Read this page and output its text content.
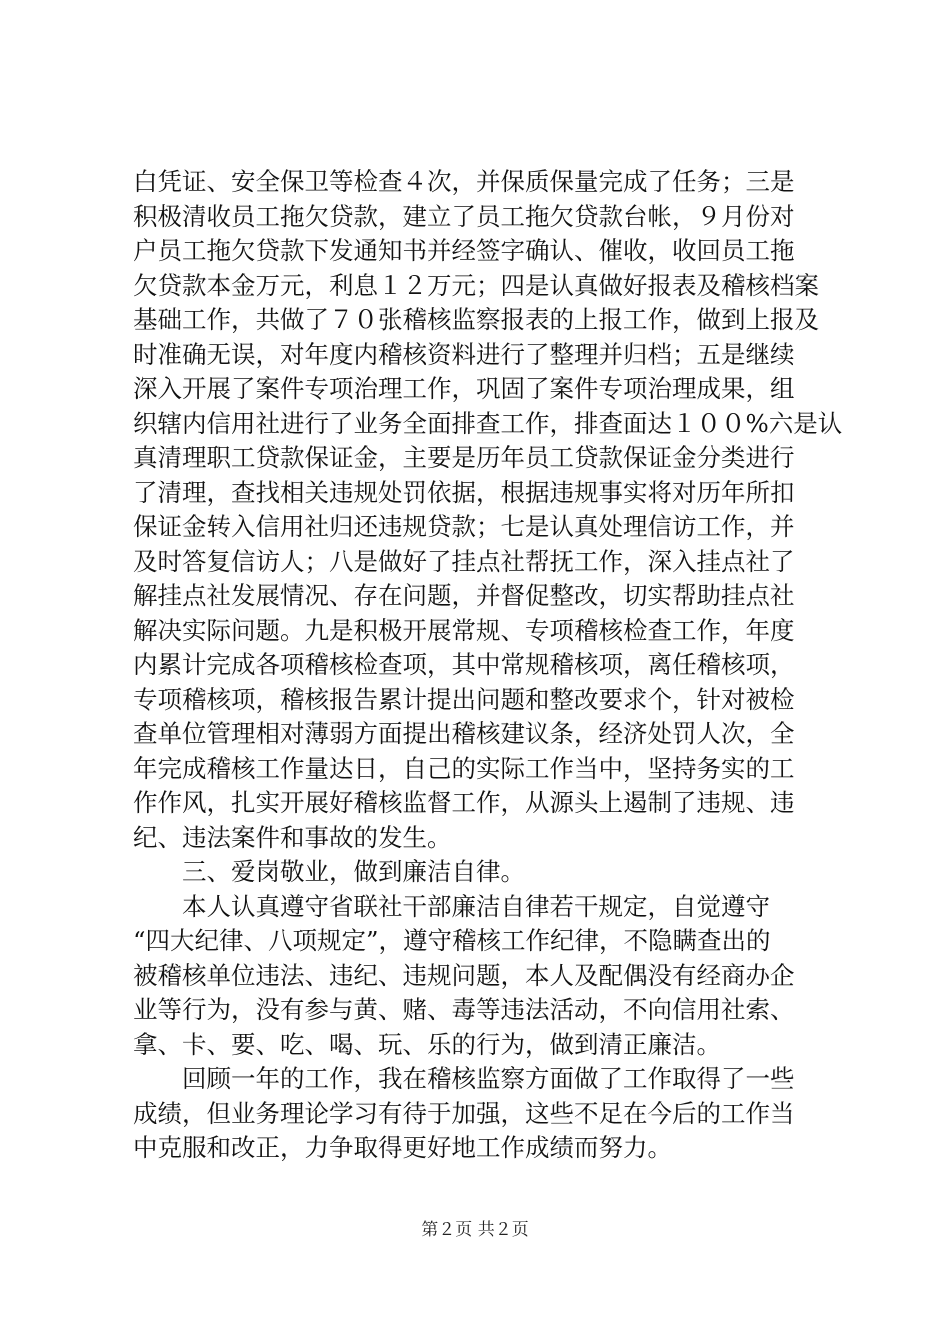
白凭证、安全保卫等检查４次，并保质保量完成了任务；三是
积极清收员工拖欠贷款，建立了员工拖欠贷款台帐，９月份对
户员工拖欠贷款下发通知书并经签字确认、催收，收回员工拖
欠贷款本金万元，利息１２万元；四是认真做好报表及稽核档案
基础工作，共做了７０张稽核监察报表的上报工作，做到上报及
时准确无误，对年度内稽核资料进行了整理并归档；五是继续
深入开展了案件专项治理工作，巩固了案件专项治理成果，组
织辖内信用社进行了业务全面排查工作，排查面达１００%六是认
真清理职工贷款保证金，主要是历年员工贷款保证金分类进行
了清理，查找相关违规处罚依据，根据违规事实将对历年所扣
保证金转入信用社归还违规贷款；七是认真处理信访工作，并
及时答复信访人；八是做好了挂点社帮抚工作，深入挂点社了
解挂点社发展情况、存在问题，并督促整改，切实帮助挂点社
解决实际问题。九是积极开展常规、专项稽核检查工作，年度
内累计完成各项稽核检查项，其中常规稽核项，离任稽核项，
专项稽核项，稽核报告累计提出问题和整改要求个，针对被检
查单位管理相对薄弱方面提出稽核建议条，经济处罚人次，全
年完成稽核工作量达日，自己的实际工作当中，坚持务实的工
作作风，扎实开展好稽核监督工作，从源头上遏制了违规、违
纪、违法案件和事故的发生。
三、爱岗敬业，做到廉洁自律。
本人认真遵守省联社干部廉洁自律若干规定，自觉遵守
“四大纪律、八项规定”，遵守稽核工作纪律，不隐瞒查出的
被稽核单位违法、违纪、违规问题，本人及配偶没有经商办企
业等行为，没有参与黄、赌、毒等违法活动，不向信用社索、
拿、卡、要、吃、喝、玩、乐的行为，做到清正廉洁。
回顾一年的工作，我在稽核监察方面做了工作取得了一些
成绩，但业务理论学习有待于加强，这些不足在今后的工作当
中克服和改正，力争取得更好地工作成绩而努力。
第２页 共２页
